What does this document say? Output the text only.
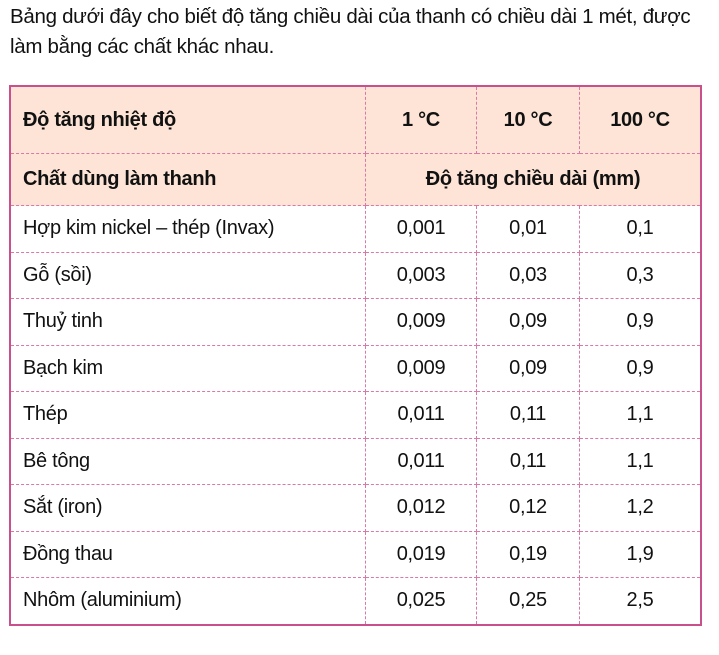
Bảng dưới đây cho biết độ tăng chiều dài của thanh có chiều dài 1 mét, được làm bằng các chất khác nhau.
Độ tăng nhiệt độ	1 °C	10 °C	100 °C
Chất dùng làm thanh	Độ tăng chiều dài (mm)		
Hợp kim nickel – thép (Invax)	0,001	0,01	0,1
Gỗ (sồi)	0,003	0,03	0,3
Thuỷ tinh	0,009	0,09	0,9
Bạch kim	0,009	0,09	0,9
Thép	0,011	0,11	1,1
Bê tông	0,011	0,11	1,1
Sắt (iron)	0,012	0,12	1,2
Đồng thau	0,019	0,19	1,9
Nhôm (aluminium)	0,025	0,25	2,5
